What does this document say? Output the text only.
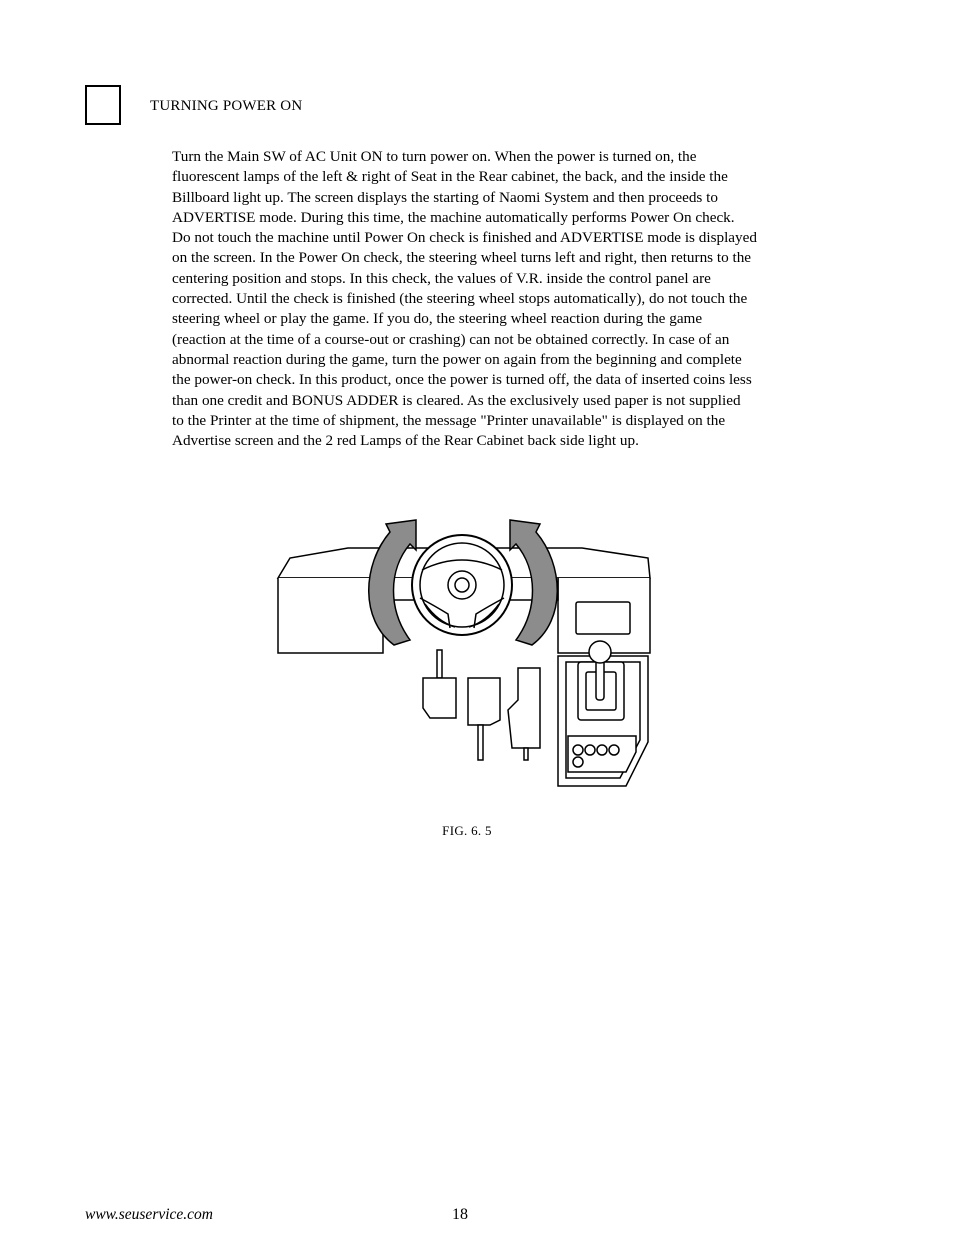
TURNING POWER ON
Turn the Main SW of AC Unit ON to turn power on. When the power is turned on, the
fluorescent lamps of the left & right of Seat in the Rear cabinet, the back, and the inside the
Billboard light up. The screen displays the starting of Naomi System and then proceeds to
ADVERTISE mode. During this time, the machine automatically performs Power On check.
Do not touch the machine until Power On check is finished and ADVERTISE mode is displayed
on the screen. In the Power On check, the steering wheel turns left and right, then returns to the
centering position and stops. In this check, the values of V.R. inside the control panel are
corrected. Until the check is finished (the steering wheel stops automatically), do not touch the
steering wheel or play the game. If you do, the steering wheel reaction during the game
(reaction at the time of a course-out or crashing) can not be obtained correctly. In case of an
abnormal reaction during the game, turn the power on again from the beginning and complete
the power-on check. In this product, once the power is turned off, the data of inserted coins less
than one credit and BONUS ADDER is cleared. As the exclusively used paper is not supplied
to the Printer at the time of shipment, the message "Printer unavailable" is displayed on the
Advertise screen and the 2 red Lamps of the Rear Cabinet back side light up.
FIG. 6. 5
www.seuservice.com	18
